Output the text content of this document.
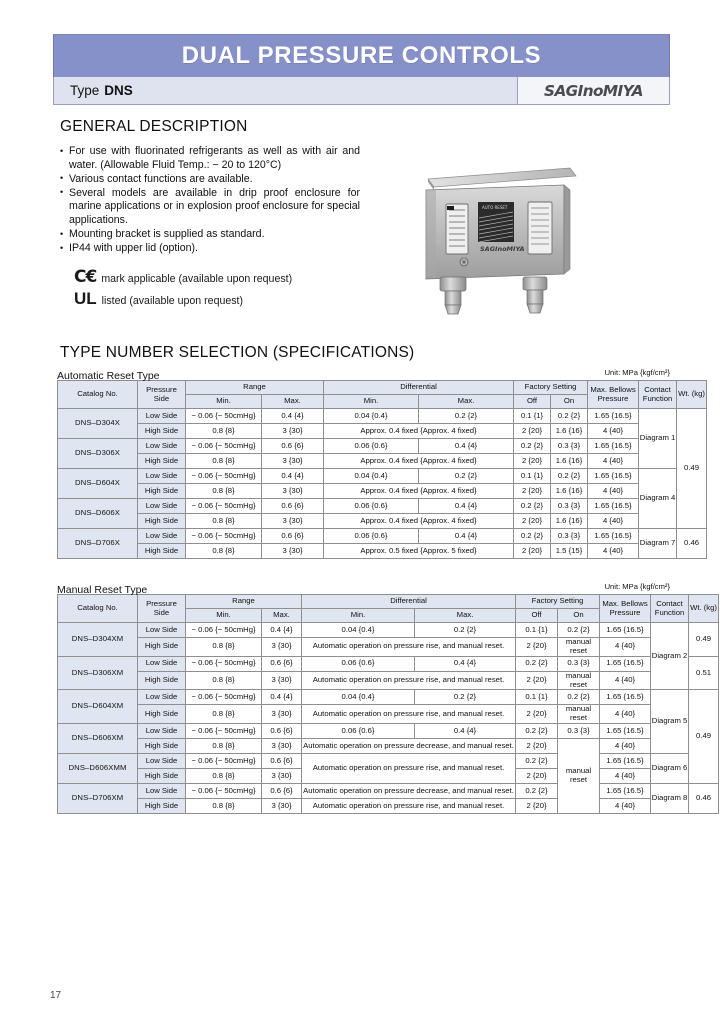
DUAL PRESSURE CONTROLS
Type DNS	SAGInoMIYA
GENERAL DESCRIPTION
• For use with fluorinated refrigerants as well as with air and water. (Allowable Fluid Temp.: − 20 to 120°C)
• Various contact functions are available.
• Several models are available in drip proof enclosure for marine applications or in explosion proof enclosure for special applications.
• Mounting bracket is supplied as standard.
• IP44 with upper lid (option).
C€ mark applicable (available upon request)
UL listed (available upon request)
AUTO RESET
SAGInoMIYA
TYPE NUMBER SELECTION (SPECIFICATIONS)
Automatic Reset Type	Unit: MPa {kgf/cm²}
Catalog No.	Pressure Side	Range		Differential		Factory Setting		Max. Bellows Pressure	Contact Function	Wt. (kg)
		Min.	Max.	Min.	Max.	Off	On			
DNS–D304X	Low Side	− 0.06 {− 50cmHg}	0.4 {4}	0.04 {0.4}	0.2 {2}	0.1 {1}	0.2 {2}	1.65 {16.5}	Diagram 1	0.49
	High Side	0.8 {8}	3 {30}	Approx. 0.4 fixed {Approx. 4 fixed}		2 {20}	1.6 {16}	4 {40}		
DNS–D306X	Low Side	− 0.06 {− 50cmHg}	0.6 {6}	0.06 {0.6}	0.4 {4}	0.2 {2}	0.3 {3}	1.65 {16.5}		
	High Side	0.8 {8}	3 {30}	Approx. 0.4 fixed {Approx. 4 fixed}		2 {20}	1.6 {16}	4 {40}		
DNS–D604X	Low Side	− 0.06 {− 50cmHg}	0.4 {4}	0.04 {0.4}	0.2 {2}	0.1 {1}	0.2 {2}	1.65 {16.5}	Diagram 4	
	High Side	0.8 {8}	3 {30}	Approx. 0.4 fixed {Approx. 4 fixed}		2 {20}	1.6 {16}	4 {40}		
DNS–D606X	Low Side	− 0.06 {− 50cmHg}	0.6 {6}	0.06 {0.6}	0.4 {4}	0.2 {2}	0.3 {3}	1.65 {16.5}		
	High Side	0.8 {8}	3 {30}	Approx. 0.4 fixed {Approx. 4 fixed}		2 {20}	1.6 {16}	4 {40}		
DNS–D706X	Low Side	− 0.06 {− 50cmHg}	0.6 {6}	0.06 {0.6}	0.4 {4}	0.2 {2}	0.3 {3}	1.65 {16.5}	Diagram 7	0.46
	High Side	0.8 {8}	3 {30}	Approx. 0.5 fixed {Approx. 5 fixed}		2 {20}	1.5 {15}	4 {40}		
Manual Reset Type	Unit: MPa {kgf/cm²}
Catalog No.	Pressure Side	Range		Differential		Factory Setting		Max. Bellows Pressure	Contact Function	Wt. (kg)
		Min.	Max.	Min.	Max.	Off	On			
DNS–D304XM	Low Side	− 0.06 {− 50cmHg}	0.4 {4}	0.04 {0.4}	0.2 {2}	0.1 {1}	0.2 {2}	1.65 {16.5}	Diagram 2	0.49
	High Side	0.8 {8}	3 {30}	Automatic operation on pressure rise, and manual reset.		2 {20}	manual reset	4 {40}		
DNS–D306XM	Low Side	− 0.06 {− 50cmHg}	0.6 {6}	0.06 {0.6}	0.4 {4}	0.2 {2}	0.3 {3}	1.65 {16.5}		0.51
	High Side	0.8 {8}	3 {30}	Automatic operation on pressure rise, and manual reset.		2 {20}	manual reset	4 {40}		
DNS–D604XM	Low Side	− 0.06 {− 50cmHg}	0.4 {4}	0.04 {0.4}	0.2 {2}	0.1 {1}	0.2 {2}	1.65 {16.5}	Diagram 5	0.49
	High Side	0.8 {8}	3 {30}	Automatic operation on pressure rise, and manual reset.		2 {20}	manual reset	4 {40}		
DNS–D606XM	Low Side	− 0.06 {− 50cmHg}	0.6 {6}	0.06 {0.6}	0.4 {4}	0.2 {2}	0.3 {3}	1.65 {16.5}		
	High Side	0.8 {8}	3 {30}	Automatic operation on pressure decrease, and manual reset.		2 {20}	manual reset	4 {40}		
DNS–D606XMM	Low Side	− 0.06 {− 50cmHg}	0.6 {6}	Automatic operation on pressure rise, and manual reset.		0.2 {2}		1.65 {16.5}	Diagram 6	
	High Side	0.8 {8}	3 {30}			2 {20}		4 {40}		
DNS–D706XM	Low Side	− 0.06 {− 50cmHg}	0.6 {6}	Automatic operation on pressure decrease, and manual reset.		0.2 {2}		1.65 {16.5}	Diagram 8	0.46
	High Side	0.8 {8}	3 {30}	Automatic operation on pressure rise, and manual reset.		2 {20}		4 {40}		
17
